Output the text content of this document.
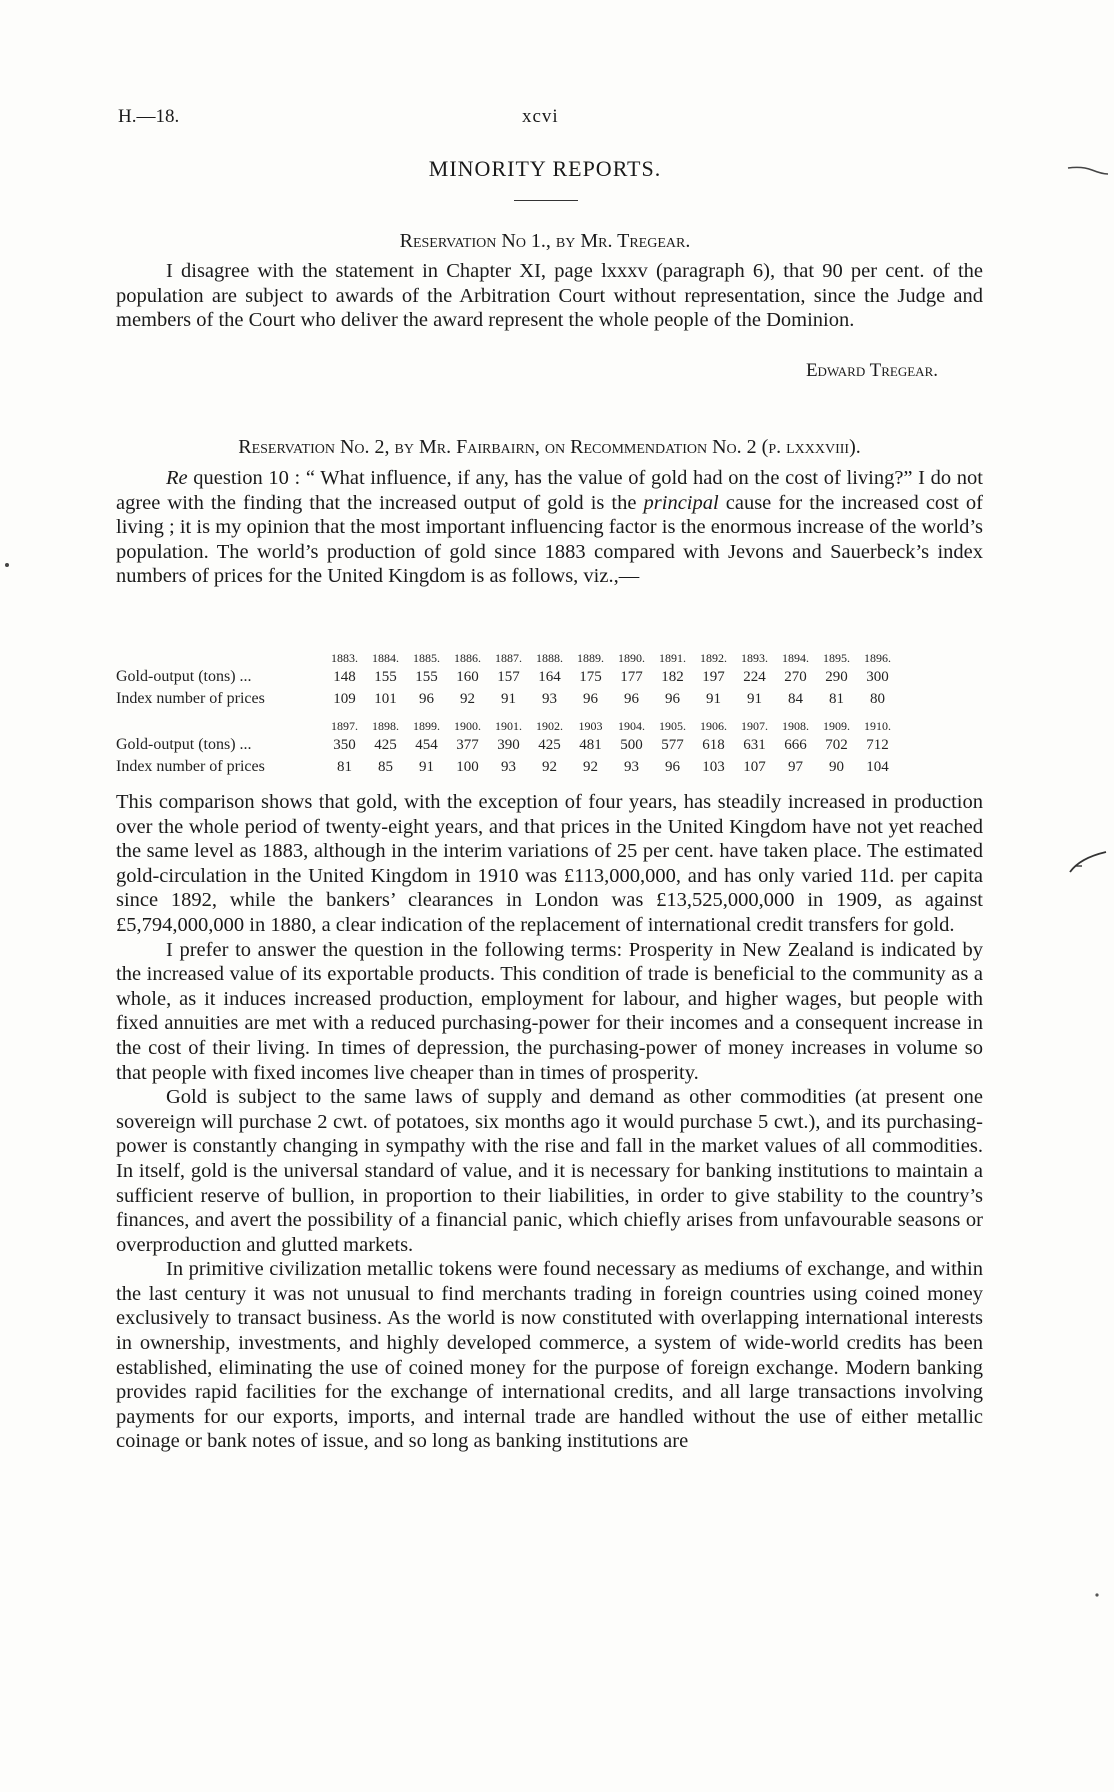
H.—18.	xcvi
MINORITY REPORTS.
Reservation No 1., by Mr. Tregear.

I disagree with the statement in Chapter XI, page lxxxv (paragraph 6), that 90 per cent. of the population are subject to awards of the Arbitration Court without representation, since the Judge and members of the Court who deliver the award represent the whole people of the Dominion.

Edward Tregear.
Reservation No. 2, by Mr. Fairbairn, on Recommendation No. 2 (p. lxxxviii).

Re question 10 : “ What influence, if any, has the value of gold had on the cost of living?” I do not agree with the finding that the increased output of gold is the principal cause for the increased cost of living ; it is my opinion that the most important influencing factor is the enormous increase of the world’s population. The world’s production of gold since 1883 compared with Jevons and Sauerbeck’s index numbers of prices for the United Kingdom is as follows, viz.,—

	1883.	1884.	1885.	1886.	1887.	1888.	1889.	1890.	1891.	1892.	1893.	1894.	1895.	1896.
Gold-output (tons) ...	148	155	155	160	157	164	175	177	182	197	224	270	290	300
Index number of prices	109	101	96	92	91	93	96	96	96	91	91	84	81	80
	1897.	1898.	1899.	1900.	1901.	1902.	1903	1904.	1905.	1906.	1907.	1908.	1909.	1910.
Gold-output (tons) ...	350	425	454	377	390	425	481	500	577	618	631	666	702	712
Index number of prices	81	85	91	100	93	92	92	93	96	103	107	97	90	104

This comparison shows that gold, with the exception of four years, has steadily increased in production over the whole period of twenty-eight years, and that prices in the United Kingdom have not yet reached the same level as 1883, although in the interim variations of 25 per cent. have taken place. The estimated gold-circulation in the United Kingdom in 1910 was £113,000,000, and has only varied 11d. per capita since 1892, while the bankers’ clearances in London was £13,525,000,000 in 1909, as against £5,794,000,000 in 1880, a clear indication of the replacement of international credit transfers for gold.

I prefer to answer the question in the following terms: Prosperity in New Zealand is indicated by the increased value of its exportable products. This condition of trade is beneficial to the community as a whole, as it induces increased production, employment for labour, and higher wages, but people with fixed annuities are met with a reduced purchasing-power for their incomes and a consequent increase in the cost of their living. In times of depression, the purchasing-power of money increases in volume so that people with fixed incomes live cheaper than in times of prosperity.

Gold is subject to the same laws of supply and demand as other commodities (at present one sovereign will purchase 2 cwt. of potatoes, six months ago it would purchase 5 cwt.), and its purchasing-power is constantly changing in sympathy with the rise and fall in the market values of all commodities. In itself, gold is the universal standard of value, and it is necessary for banking institutions to maintain a sufficient reserve of bullion, in proportion to their liabilities, in order to give stability to the country’s finances, and avert the possibility of a financial panic, which chiefly arises from unfavourable seasons or overproduction and glutted markets.

In primitive civilization metallic tokens were found necessary as mediums of exchange, and within the last century it was not unusual to find merchants trading in foreign countries using coined money exclusively to transact business. As the world is now constituted with overlapping international interests in ownership, investments, and highly developed commerce, a system of wide-world credits has been established, eliminating the use of coined money for the purpose of foreign exchange. Modern banking provides rapid facilities for the exchange of international credits, and all large transactions involving payments for our exports, imports, and internal trade are handled without the use of either metallic coinage or bank notes of issue, and so long as banking institutions are
